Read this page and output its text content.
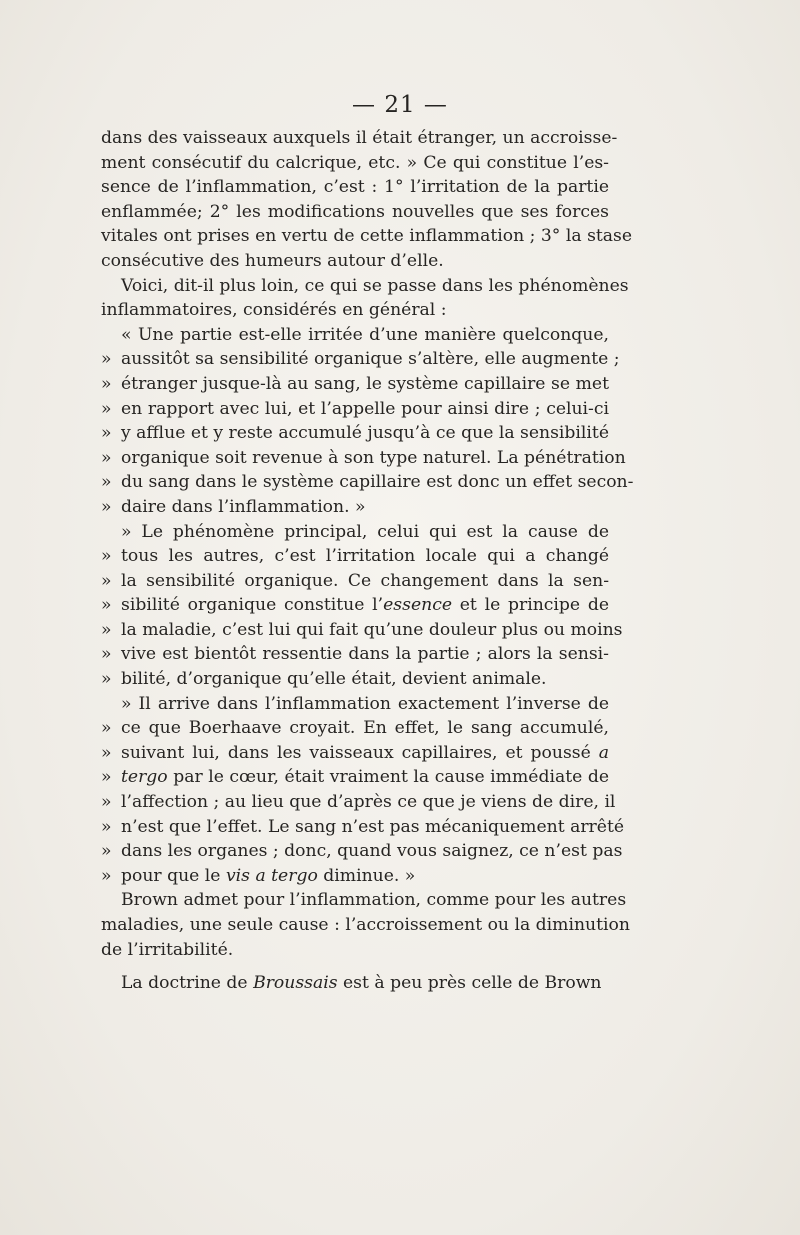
— 21 —
dans des vaisseaux auxquels il était étranger, un accroisse-
ment consécutif du calcrique, etc. » Ce qui constitue l’es-
sence de l’inflammation, c’est : 1° l’irritation de la partie
enflammée; 2° les modifications nouvelles que ses forces
vitales ont prises en vertu de cette inflammation ; 3° la stase
consécutive des humeurs autour d’elle.
Voici, dit-il plus loin, ce qui se passe dans les phénomènes
inflammatoires, considérés en général :
« Une partie est-elle irritée d’une manière quelconque,
» aussitôt sa sensibilité organique s’altère, elle augmente ;
» étranger jusque-là au sang, le système capillaire se met
» en rapport avec lui, et l’appelle pour ainsi dire ; celui-ci
» y afflue et y reste accumulé jusqu’à ce que la sensibilité
» organique soit revenue à son type naturel. La pénétration
» du sang dans le système capillaire est donc un effet secon-
» daire dans l’inflammation. »
» Le phénomène principal, celui qui est la cause de
» tous les autres, c’est l’irritation locale qui a changé
» la sensibilité organique. Ce changement dans la sen-
» sibilité organique constitue l’essence et le principe de
» la maladie, c’est lui qui fait qu’une douleur plus ou moins
» vive est bientôt ressentie dans la partie ; alors la sensi-
» bilité, d’organique qu’elle était, devient animale.
» Il arrive dans l’inflammation exactement l’inverse de
» ce que Boerhaave croyait. En effet, le sang accumulé,
» suivant lui, dans les vaisseaux capillaires, et poussé a
» tergo par le cœur, était vraiment la cause immédiate de
» l’affection ; au lieu que d’après ce que je viens de dire, il
» n’est que l’effet. Le sang n’est pas mécaniquement arrêté
» dans les organes ; donc, quand vous saignez, ce n’est pas
» pour que le vis a tergo diminue. »
Brown admet pour l’inflammation, comme pour les autres
maladies, une seule cause : l’accroissement ou la diminution
de l’irritabilité.
La doctrine de Broussais est à peu près celle de Brown
